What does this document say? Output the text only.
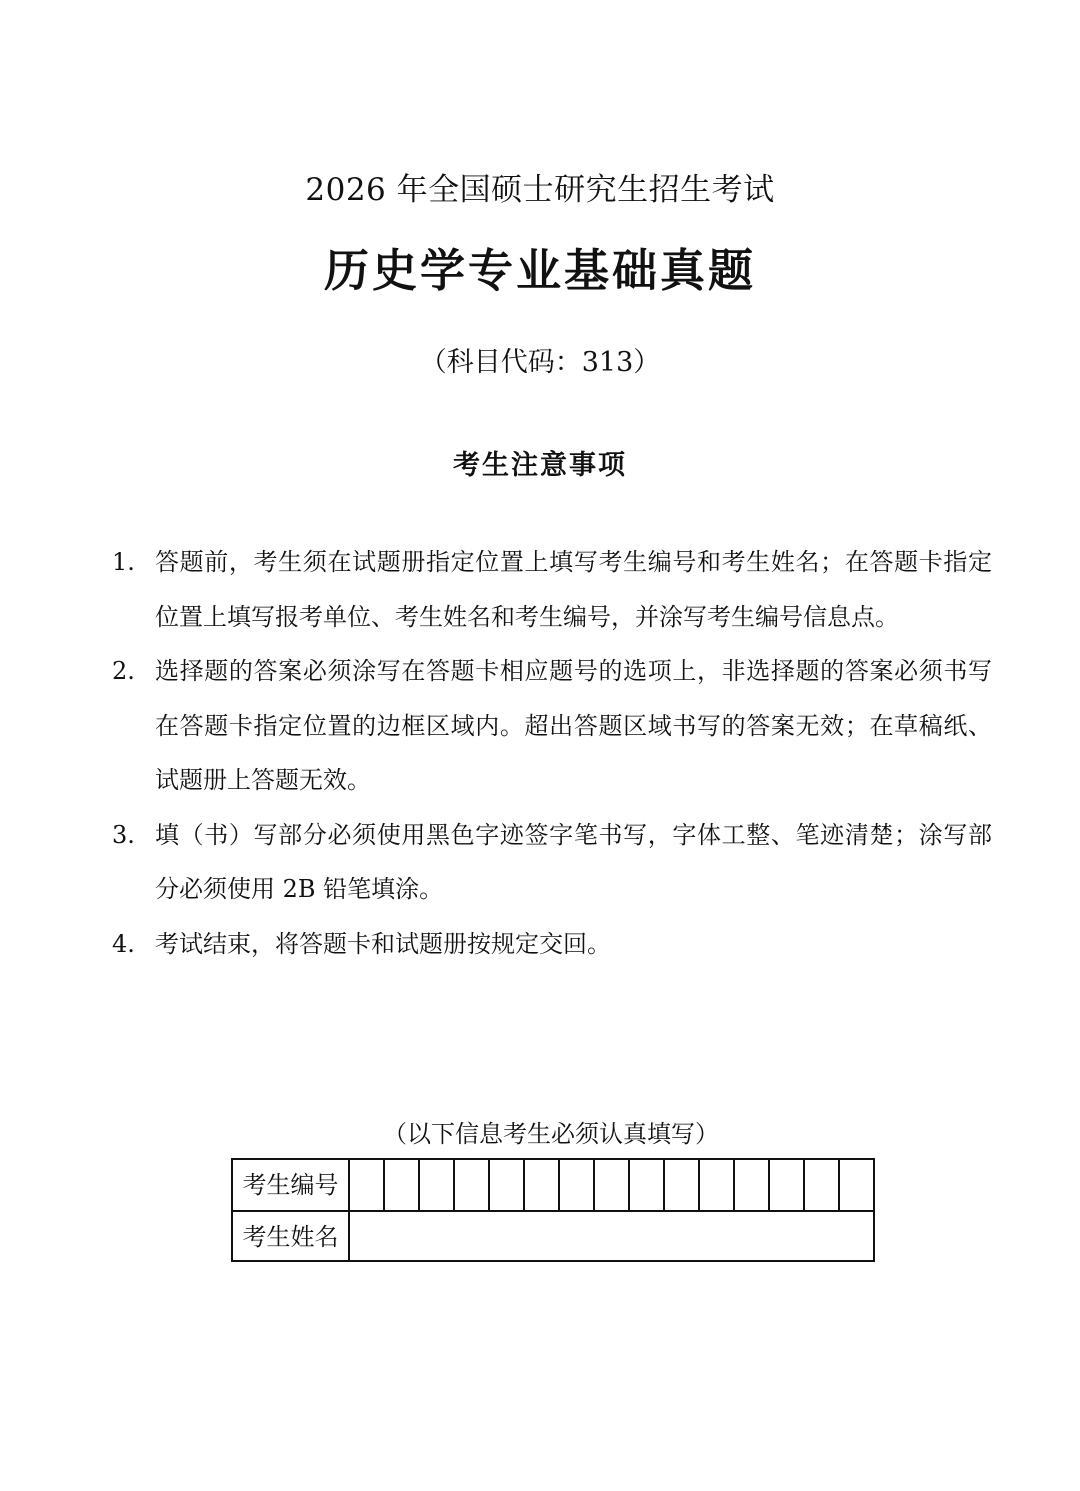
2026 年全国硕士研究生招生考试
历史学专业基础真题
（科目代码：313）
考生注意事项
1. 答题前，考生须在试题册指定位置上填写考生编号和考生姓名；在答题卡指定位置上填写报考单位、考生姓名和考生编号，并涂写考生编号信息点。
2. 选择题的答案必须涂写在答题卡相应题号的选项上，非选择题的答案必须书写在答题卡指定位置的边框区域内。超出答题区域书写的答案无效；在草稿纸、试题册上答题无效。
3. 填（书）写部分必须使用黑色字迹签字笔书写，字体工整、笔迹清楚；涂写部分必须使用 2B 铅笔填涂。
4. 考试结束，将答题卡和试题册按规定交回。
（以下信息考生必须认真填写）
考生编号
考生姓名
